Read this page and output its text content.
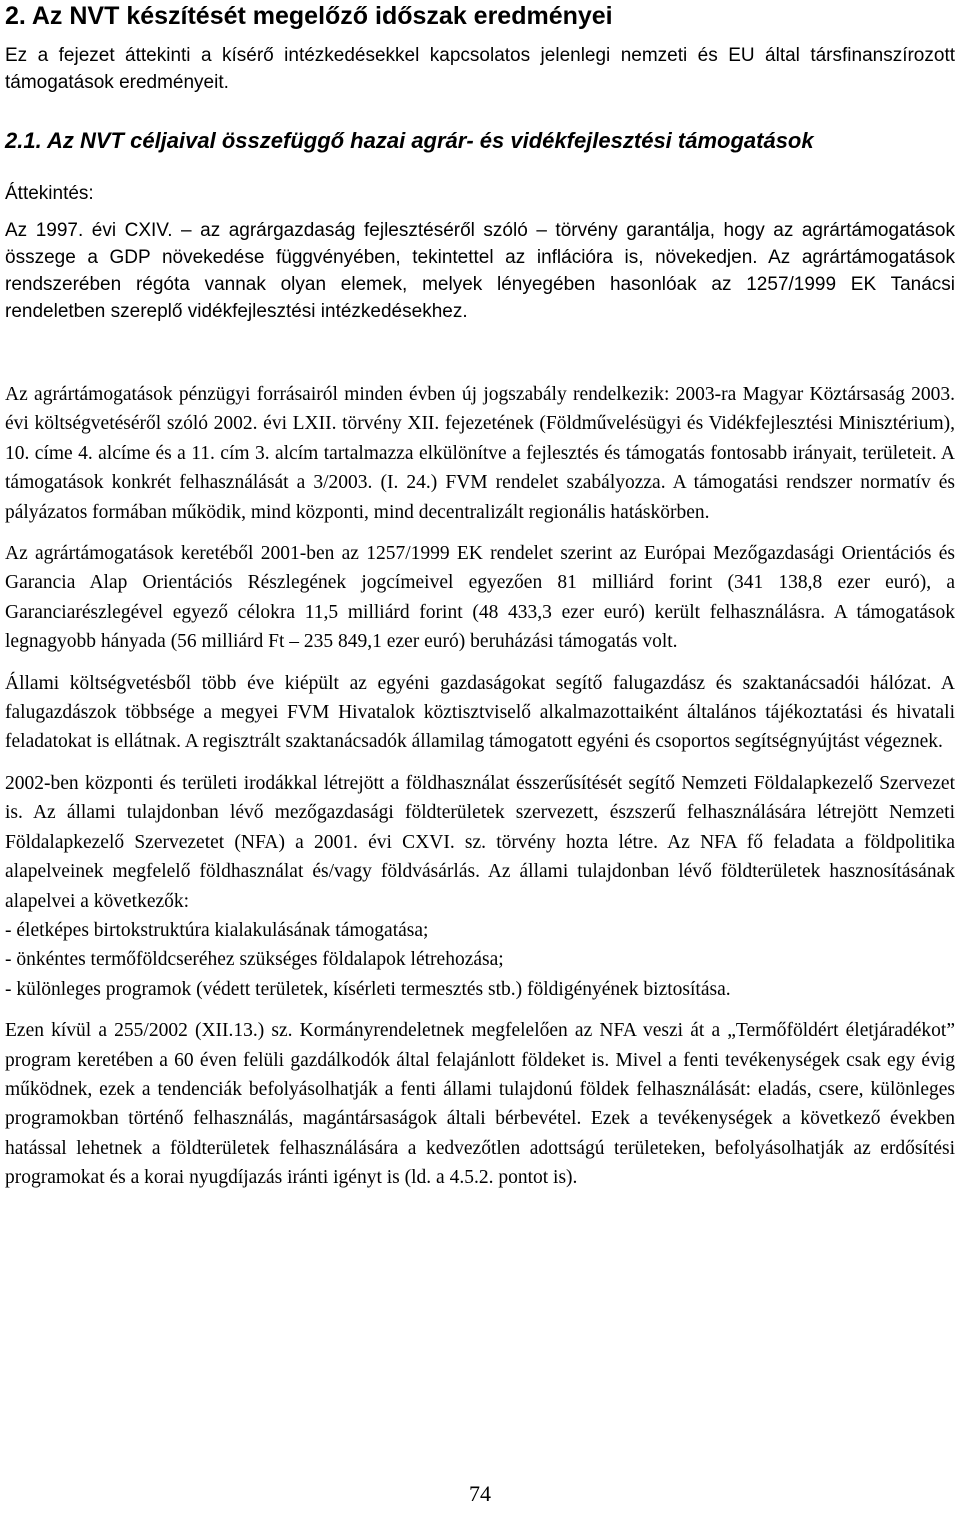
2. Az NVT készítését megelőző időszak eredményei
Ez a fejezet áttekinti a kísérő intézkedésekkel kapcsolatos jelenlegi nemzeti és EU által társfinanszírozott támogatások eredményeit.
2.1. Az NVT céljaival összefüggő hazai agrár- és vidékfejlesztési támogatások

Áttekintés:

Az 1997. évi CXIV. – az agrárgazdaság fejlesztéséről szóló – törvény garantálja, hogy az agrártámogatások összege a GDP növekedése függvényében, tekintettel az inflációra is, növekedjen. Az agrártámogatások rendszerében régóta vannak olyan elemek, melyek lényegében hasonlóak az 1257/1999 EK Tanácsi rendeletben szereplő vidékfejlesztési intézkedésekhez.

Az agrártámogatások pénzügyi forrásairól minden évben új jogszabály rendelkezik: 2003-ra Magyar Köztársaság 2003. évi költségvetéséről szóló 2002. évi LXII. törvény XII. fejezetének (Földművelésügyi és Vidékfejlesztési Minisztérium), 10. címe 4. alcíme és a 11. cím 3. alcím tartalmazza elkülönítve a fejlesztés és támogatás fontosabb irányait, területeit. A támogatások konkrét felhasználását a 3/2003. (I. 24.) FVM rendelet szabályozza. A támogatási rendszer normatív és pályázatos formában működik, mind központi, mind decentralizált regionális hatáskörben.

Az agrártámogatások keretéből 2001-ben az 1257/1999 EK rendelet szerint az Európai Mezőgazdasági Orientációs és Garancia Alap Orientációs Részlegének jogcímeivel egyezően 81 milliárd forint (341 138,8 ezer euró), a Garanciarészlegével egyező célokra 11,5 milliárd forint (48 433,3 ezer euró) került felhasználásra. A támogatások legnagyobb hányada (56 milliárd Ft – 235 849,1 ezer euró) beruházási támogatás volt.

Állami költségvetésből több éve kiépült az egyéni gazdaságokat segítő falugazdász és szaktanácsadói hálózat. A falugazdászok többsége a megyei FVM Hivatalok köztisztviselő alkalmazottaiként általános tájékoztatási és hivatali feladatokat is ellátnak. A regisztrált szaktanácsadók államilag támogatott egyéni és csoportos segítségnyújtást végeznek.

2002-ben központi és területi irodákkal létrejött a földhasználat ésszerűsítését segítő Nemzeti Földalapkezelő Szervezet is. Az állami tulajdonban lévő mezőgazdasági földterületek szervezett, észszerű felhasználására létrejött Nemzeti Földalapkezelő Szervezetet (NFA) a 2001. évi CXVI. sz. törvény hozta létre. Az NFA fő feladata a földpolitika alapelveinek megfelelő földhasználat és/vagy földvásárlás. Az állami tulajdonban lévő földterületek hasznosításának alapelvei a következők:

- életképes birtokstruktúra kialakulásának támogatása;
- önkéntes termőföldcseréhez szükséges földalapok létrehozása;
- különleges programok (védett területek, kísérleti termesztés stb.) földigényének biztosítása.

Ezen kívül a 255/2002 (XII.13.) sz. Kormányrendeletnek megfelelően az NFA veszi át a „Termőföldért életjáradékot” program keretében a 60 éven felüli gazdálkodók által felajánlott földeket is. Mivel a fenti tevékenységek csak egy évig működnek, ezek a tendenciák befolyásolhatják a fenti állami tulajdonú földek felhasználását: eladás, csere, különleges programokban történő felhasználás, magántársaságok általi bérbevétel. Ezek a tevékenységek a következő években hatással lehetnek a földterületek felhasználására a kedvezőtlen adottságú területeken, befolyásolhatják az erdősítési programokat és a korai nyugdíjazás iránti igényt is (ld. a 4.5.2. pontot is).

74
